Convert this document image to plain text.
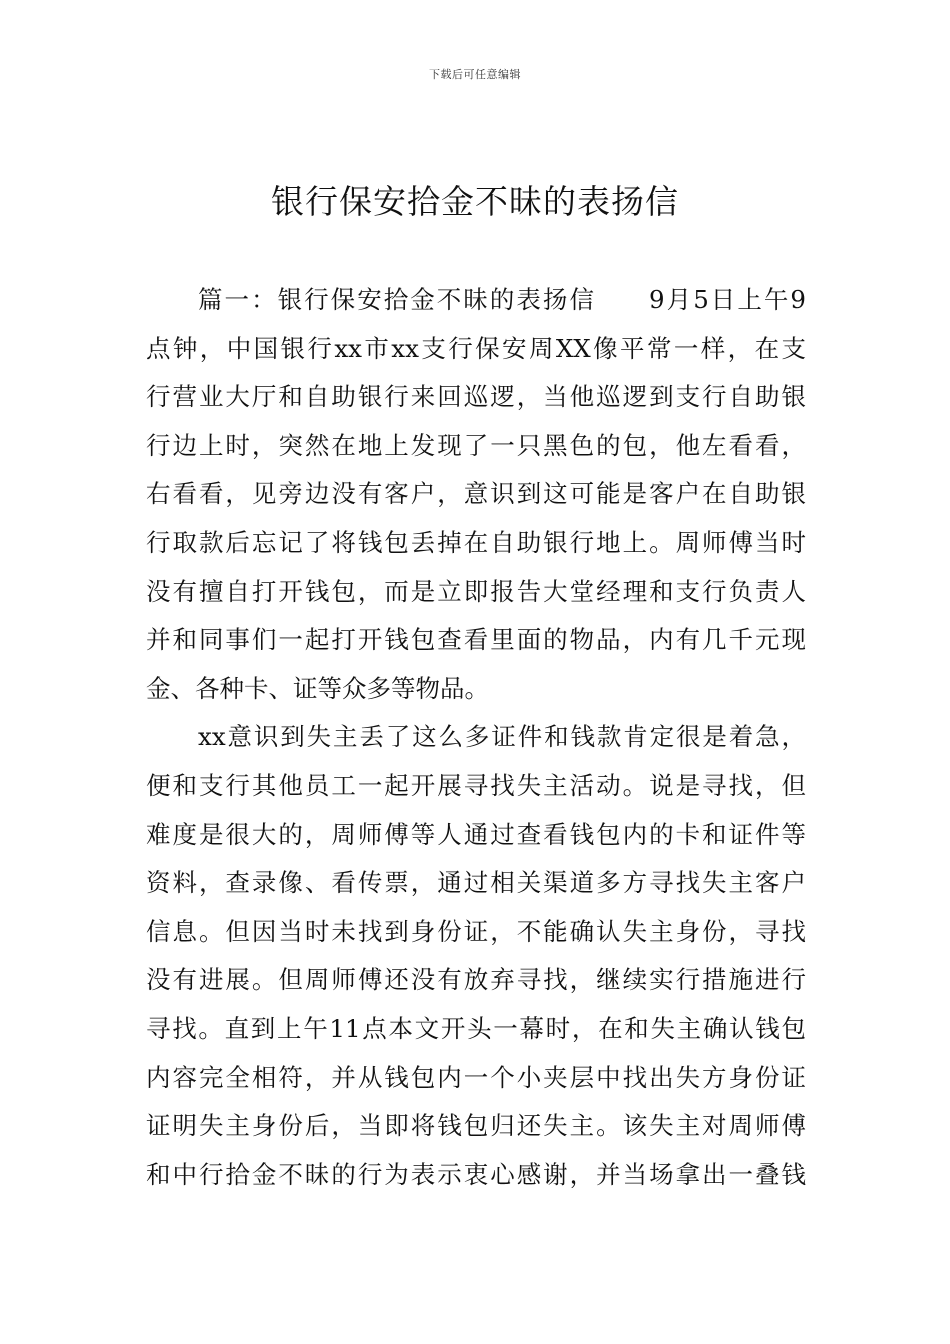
下载后可任意编辑
银行保安拾金不昧的表扬信
篇一：银行保安拾金不昧的表扬信　　9月5日上午9
点钟，中国银行xx市xx支行保安周XX像平常一样，在支
行营业大厅和自助银行来回巡逻，当他巡逻到支行自助银
行边上时，突然在地上发现了一只黑色的包，他左看看，
右看看，见旁边没有客户，意识到这可能是客户在自助银
行取款后忘记了将钱包丢掉在自助银行地上。周师傅当时
没有擅自打开钱包，而是立即报告大堂经理和支行负责人
并和同事们一起打开钱包查看里面的物品，内有几千元现
金、各种卡、证等众多等物品。
xx意识到失主丢了这么多证件和钱款肯定很是着急，
便和支行其他员工一起开展寻找失主活动。说是寻找，但
难度是很大的，周师傅等人通过查看钱包内的卡和证件等
资料，查录像、看传票，通过相关渠道多方寻找失主客户
信息。但因当时未找到身份证，不能确认失主身份，寻找
没有进展。但周师傅还没有放弃寻找，继续实行措施进行
寻找。直到上午11点本文开头一幕时，在和失主确认钱包
内容完全相符，并从钱包内一个小夹层中找出失方身份证
证明失主身份后，当即将钱包归还失主。该失主对周师傅
和中行拾金不昧的行为表示衷心感谢，并当场拿出一叠钱
